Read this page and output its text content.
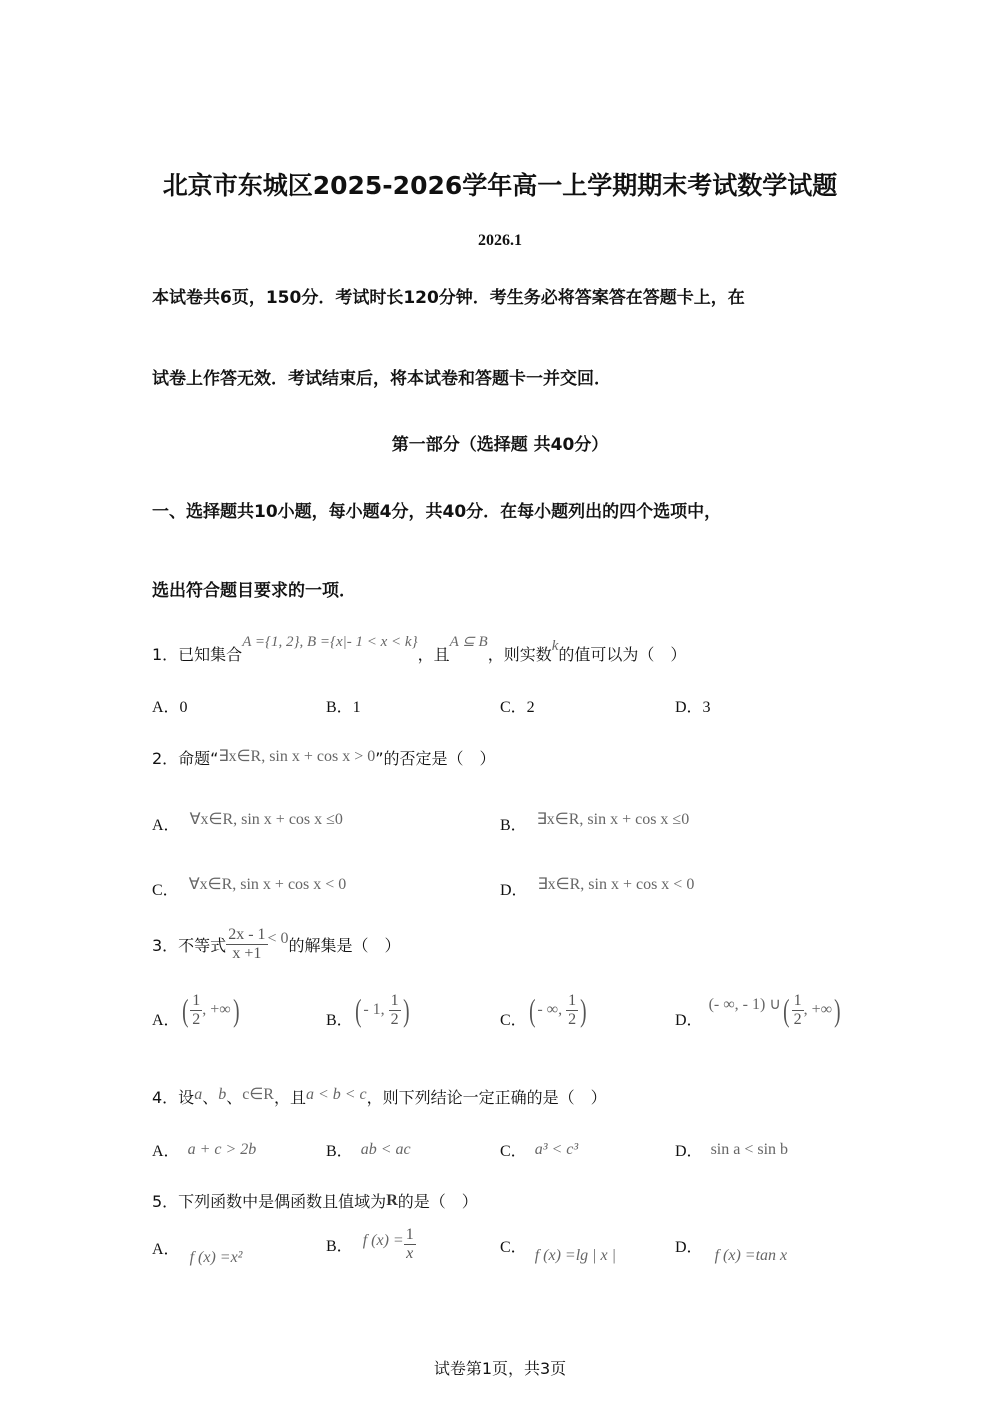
北京市东城区2025-2026学年高一上学期期末考试数学试题
2026.1
本试卷共6页，150分．考试时长120分钟．考生务必将答案答在答题卡上，在
试卷上作答无效．考试结束后，将本试卷和答题卡一并交回．
第一部分（选择题 共40分）
一、选择题共10小题，每小题4分，共40分．在每小题列出的四个选项中，
选出符合题目要求的一项．
1．已知集合A ={1, 2}, B ={x|- 1 < x < k}，且A ⊆ B，则实数k的值可以为（　）
A．0	B．1	C．2	D．3
2．命题“∃x∈R, sin x + cos x > 0”的否定是（　）
A． ∀x∈R, sin x + cos x ≤0	B． ∃x∈R, sin x + cos x ≤0
C． ∀x∈R, sin x + cos x < 0	D． ∃x∈R, sin x + cos x < 0
3．不等式 $\frac{2x - 1}{x +1} < 0$的解集是（　）
A．( $\frac{1}{2}$ , +∞)	B．( - 1, $\frac{1}{2}$ )	C．( - ∞, $\frac{1}{2}$ )	D．(- ∞, - 1) ∪( $\frac{1}{2}$ , +∞)
4．设a、b、c∈R，且a < b < c，则下列结论一定正确的是（　）
A． a + c > 2b	B． ab < ac	C． a³ < c³	D． sin a < sin b
5．下列函数中是偶函数且值域为R的是（　）
A． f (x) =x²
B． f $(x) = \frac{1}{x}$	C． f (x) =lg | x |	D． f (x) =tan x
试卷第1页，共3页
